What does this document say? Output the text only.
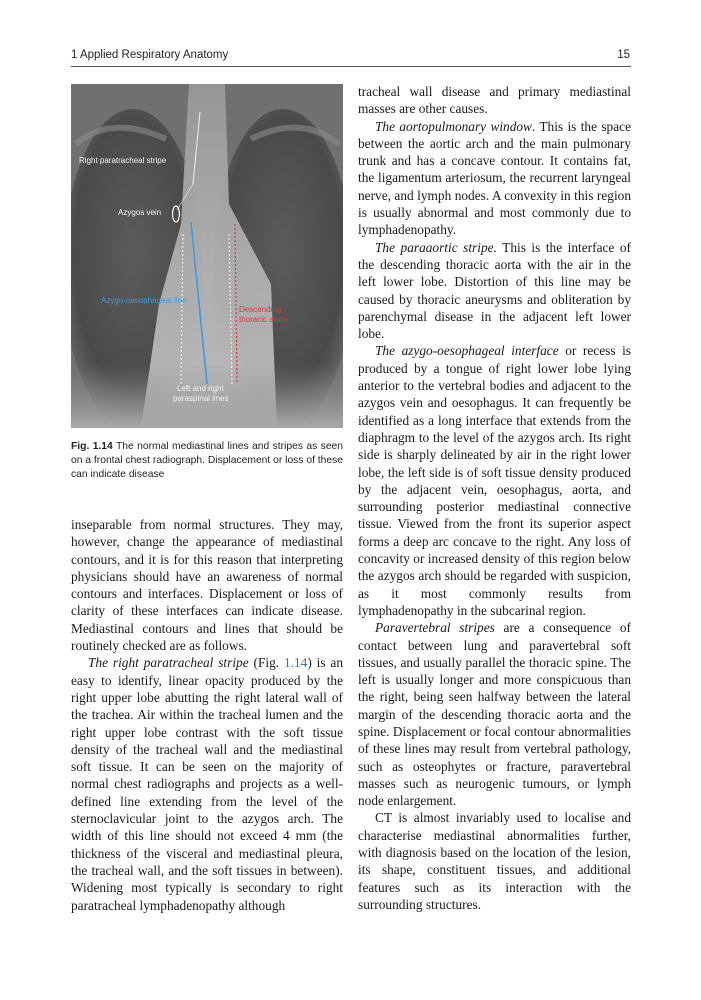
1 Applied Respiratory Anatomy	15
Right paratracheal stripe
Azygos vein
Azygo-oesophageal line
Descending
thoracic aorta
Left and right
paraspinal lines
Fig. 1.14 The normal mediastinal lines and stripes as seen on a frontal chest radiograph. Displacement or loss of these can indicate disease

inseparable from normal structures. They may, however, change the appearance of mediastinal contours, and it is for this reason that interpreting physicians should have an awareness of normal contours and interfaces. Displacement or loss of clarity of these interfaces can indicate disease. Mediastinal contours and lines that should be routinely checked are as follows.

The right paratracheal stripe (Fig. 1.14) is an easy to identify, linear opacity produced by the right upper lobe abutting the right lateral wall of the trachea. Air within the tracheal lumen and the right upper lobe contrast with the soft tissue density of the tracheal wall and the mediastinal soft tissue. It can be seen on the majority of normal chest radiographs and projects as a well-defined line extending from the level of the sternoclavicular joint to the azygos arch. The width of this line should not exceed 4 mm (the thickness of the visceral and mediastinal pleura, the tracheal wall, and the soft tissues in between). Widening most typically is secondary to right paratracheal lymphadenopathy although

tracheal wall disease and primary mediastinal masses are other causes.

The aortopulmonary window. This is the space between the aortic arch and the main pulmonary trunk and has a concave contour. It contains fat, the ligamentum arteriosum, the recurrent laryngeal nerve, and lymph nodes. A convexity in this region is usually abnormal and most commonly due to lymphadenopathy.

The paraaortic stripe. This is the interface of the descending thoracic aorta with the air in the left lower lobe. Distortion of this line may be caused by thoracic aneurysms and obliteration by parenchymal disease in the adjacent left lower lobe.

The azygo-oesophageal interface or recess is produced by a tongue of right lower lobe lying anterior to the vertebral bodies and adjacent to the azygos vein and oesophagus. It can frequently be identified as a long interface that extends from the diaphragm to the level of the azygos arch. Its right side is sharply delineated by air in the right lower lobe, the left side is of soft tissue density produced by the adjacent vein, oesophagus, aorta, and surrounding posterior mediastinal connective tissue. Viewed from the front its superior aspect forms a deep arc concave to the right. Any loss of concavity or increased density of this region below the azygos arch should be regarded with suspicion, as it most commonly results from lymphadenopathy in the subcarinal region.

Paravertebral stripes are a consequence of contact between lung and paravertebral soft tissues, and usually parallel the thoracic spine. The left is usually longer and more conspicuous than the right, being seen halfway between the lateral margin of the descending thoracic aorta and the spine. Displacement or focal contour abnormalities of these lines may result from vertebral pathology, such as osteophytes or fracture, paravertebral masses such as neurogenic tumours, or lymph node enlargement.

CT is almost invariably used to localise and characterise mediastinal abnormalities further, with diagnosis based on the location of the lesion, its shape, constituent tissues, and additional features such as its interaction with the surrounding structures.
